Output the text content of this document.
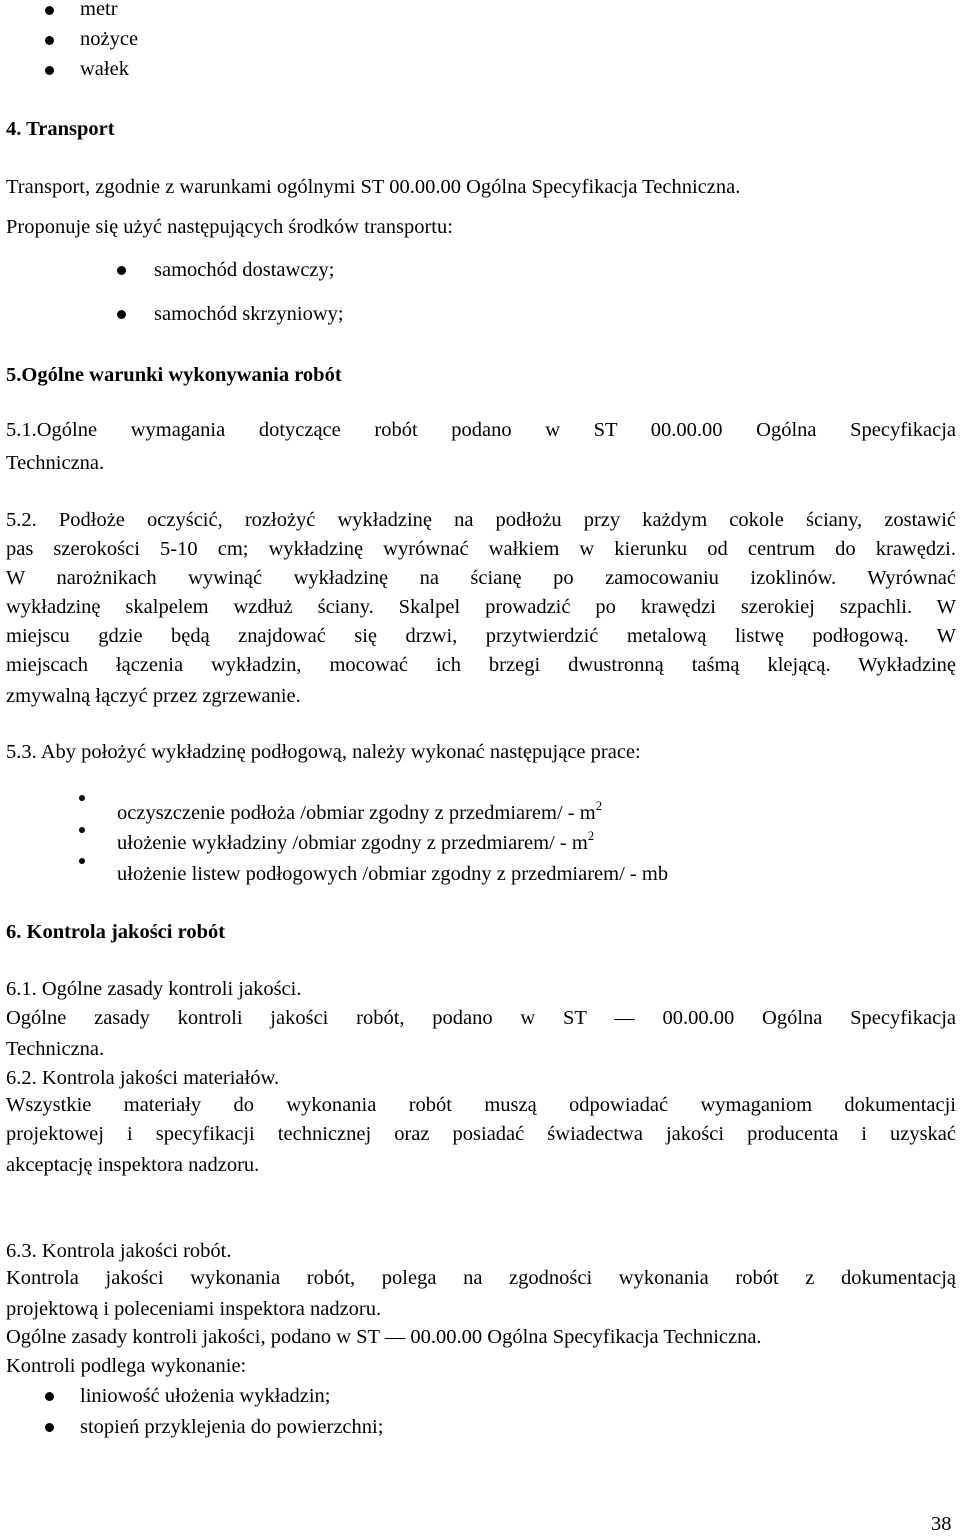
metr
nożyce
wałek
4. Transport
Transport, zgodnie z warunkami ogólnymi ST 00.00.00 Ogólna Specyfikacja Techniczna.
Proponuje się użyć następujących środków transportu:
samochód dostawczy;
samochód skrzyniowy;
5.Ogólne warunki wykonywania robót
5.1.Ogólne wymagania dotyczące robót podano w ST 00.00.00 Ogólna Specyfikacja
Techniczna.
5.2. Podłoże oczyścić, rozłożyć wykładzinę na podłożu przy każdym cokole ściany, zostawić
pas szerokości 5-10 cm; wykładzinę wyrównać wałkiem w kierunku od centrum do krawędzi.
W narożnikach wywinąć wykładzinę na ścianę po zamocowaniu izoklinów. Wyrównać
wykładzinę skalpelem wzdłuż ściany. Skalpel prowadzić po krawędzi szerokiej szpachli. W
miejscu gdzie będą znajdować się drzwi, przytwierdzić metalową listwę podłogową. W
miejscach łączenia wykładzin, mocować ich brzegi dwustronną taśmą klejącą. Wykładzinę
zmywalną łączyć przez zgrzewanie.
5.3. Aby położyć wykładzinę podłogową, należy wykonać następujące prace:
oczyszczenie podłoża /obmiar zgodny z przedmiarem/ - $m^2$
ułożenie wykładziny /obmiar zgodny z przedmiarem/ - $m^2$
ułożenie listew podłogowych /obmiar zgodny z przedmiarem/ - mb
6. Kontrola jakości robót
6.1. Ogólne zasady kontroli jakości.
Ogólne zasady kontroli jakości robót, podano w ST — 00.00.00 Ogólna Specyfikacja
Techniczna.
6.2. Kontrola jakości materiałów.
Wszystkie materiały do wykonania robót muszą odpowiadać wymaganiom dokumentacji
projektowej i specyfikacji technicznej oraz posiadać świadectwa jakości producenta i uzyskać
akceptację inspektora nadzoru.
6.3. Kontrola jakości robót.
Kontrola jakości wykonania robót, polega na zgodności wykonania robót z dokumentacją
projektową i poleceniami inspektora nadzoru.
Ogólne zasady kontroli jakości, podano w ST — 00.00.00 Ogólna Specyfikacja Techniczna.
Kontroli podlega wykonanie:
liniowość ułożenia wykładzin;
stopień przyklejenia do powierzchni;
38
